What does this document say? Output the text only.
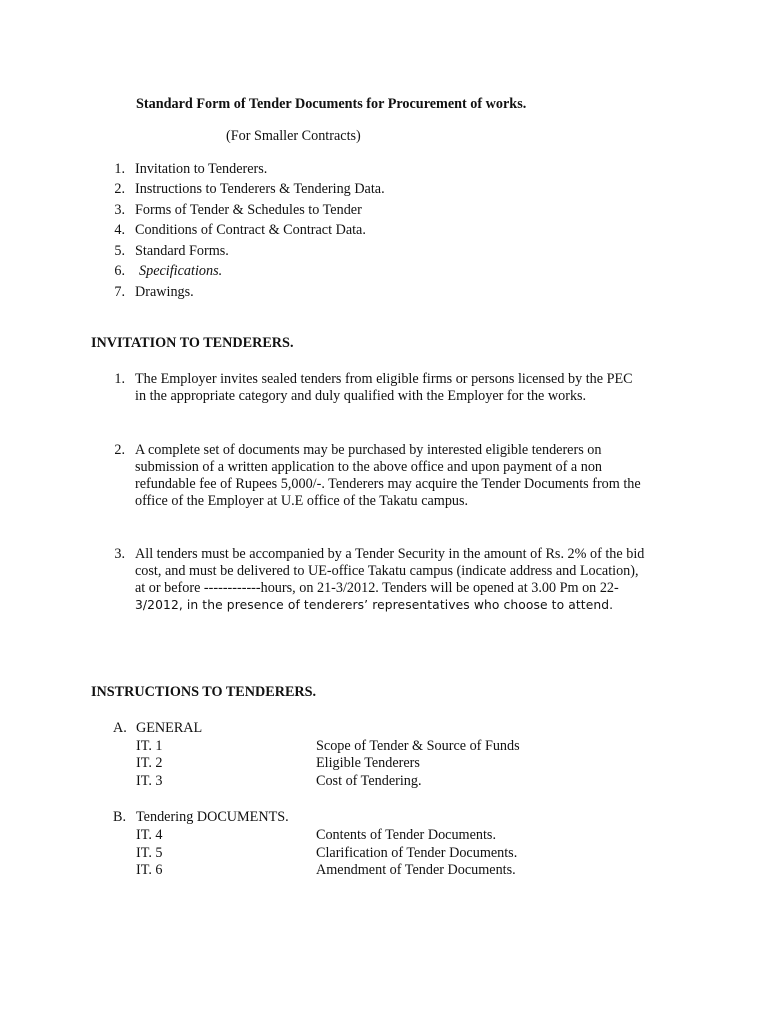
Standard Form of Tender Documents for Procurement of works.
(For Smaller Contracts)
1. Invitation to Tenderers.
2. Instructions to Tenderers & Tendering Data.
3. Forms of Tender & Schedules to Tender
4. Conditions of Contract & Contract Data.
5. Standard Forms.
6. Specifications.
7. Drawings.
INVITATION TO TENDERERS.
1. The Employer invites sealed tenders from eligible firms or persons licensed by the PEC
in the appropriate category and duly qualified with the Employer for the works.
2. A complete set of documents may be purchased by interested eligible tenderers on
submission of a written application to the above office and upon payment of a non
refundable fee of Rupees 5,000/-. Tenderers may acquire the Tender Documents from the
office of the Employer at U.E office of the Takatu campus.
3. All tenders must be accompanied by a Tender Security in the amount of Rs. 2% of the bid
cost, and must be delivered to UE-office Takatu campus (indicate address and Location),
at or before ------------hours, on 21-3/2012. Tenders will be opened at 3.00 Pm on 22-
3/2012, in the presence of tenderers’ representatives who choose to attend.
INSTRUCTIONS TO TENDERERS.
A. GENERAL
IT. 1	Scope of Tender & Source of Funds
IT. 2	Eligible Tenderers
IT. 3	Cost of Tendering.
B. Tendering DOCUMENTS.
IT. 4	Contents of Tender Documents.
IT. 5	Clarification of Tender Documents.
IT. 6	Amendment of Tender Documents.
